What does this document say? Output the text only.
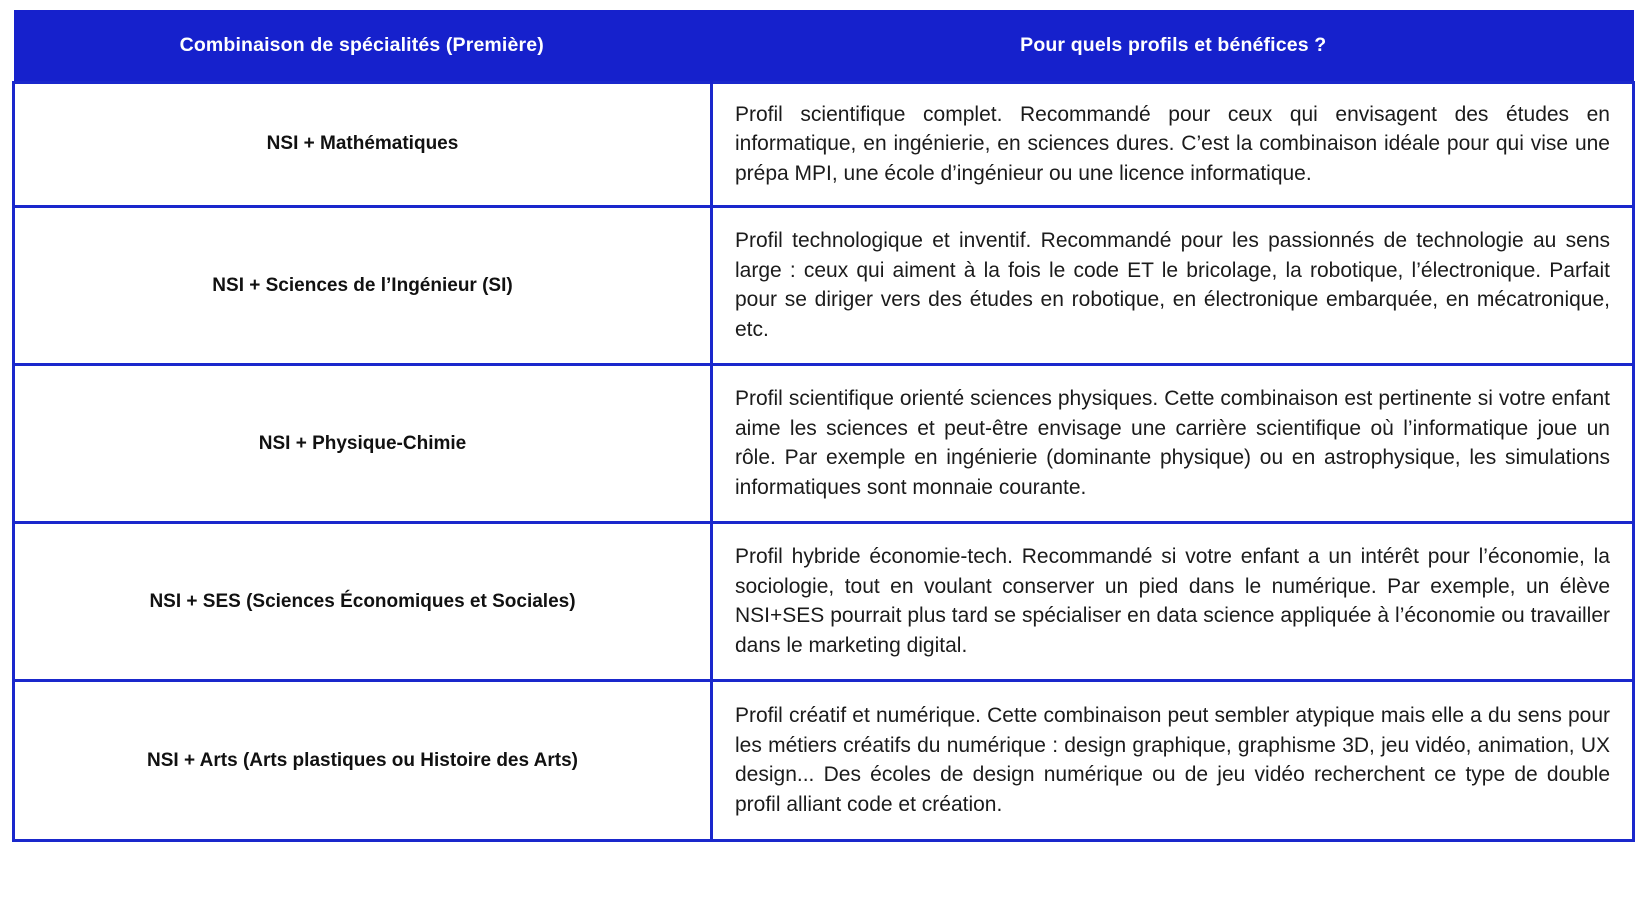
Combinaison de spécialités (Première)	Pour quels profils et bénéfices ?
NSI + Mathématiques	Profil scientifique complet. Recommandé pour ceux qui envisagent des études en informatique, en ingénierie, en sciences dures. C’est la combinaison idéale pour qui vise une prépa MPI, une école d’ingénieur ou une licence informatique.
NSI + Sciences de l’Ingénieur (SI)	Profil technologique et inventif. Recommandé pour les passionnés de technologie au sens large : ceux qui aiment à la fois le code ET le bricolage, la robotique, l’électronique. Parfait pour se diriger vers des études en robotique, en électronique embarquée, en mécatronique, etc.
NSI + Physique-Chimie	Profil scientifique orienté sciences physiques. Cette combinaison est pertinente si votre enfant aime les sciences et peut-être envisage une carrière scientifique où l’informatique joue un rôle. Par exemple en ingénierie (dominante physique) ou en astrophysique, les simulations informatiques sont monnaie courante.
NSI + SES (Sciences Économiques et Sociales)	Profil hybride économie-tech. Recommandé si votre enfant a un intérêt pour l’économie, la sociologie, tout en voulant conserver un pied dans le numérique. Par exemple, un élève NSI+SES pourrait plus tard se spécialiser en data science appliquée à l’économie ou travailler dans le marketing digital.
NSI + Arts (Arts plastiques ou Histoire des Arts)	Profil créatif et numérique. Cette combinaison peut sembler atypique mais elle a du sens pour les métiers créatifs du numérique : design graphique, graphisme 3D, jeu vidéo, animation, UX design... Des écoles de design numérique ou de jeu vidéo recherchent ce type de double profil alliant code et création.
